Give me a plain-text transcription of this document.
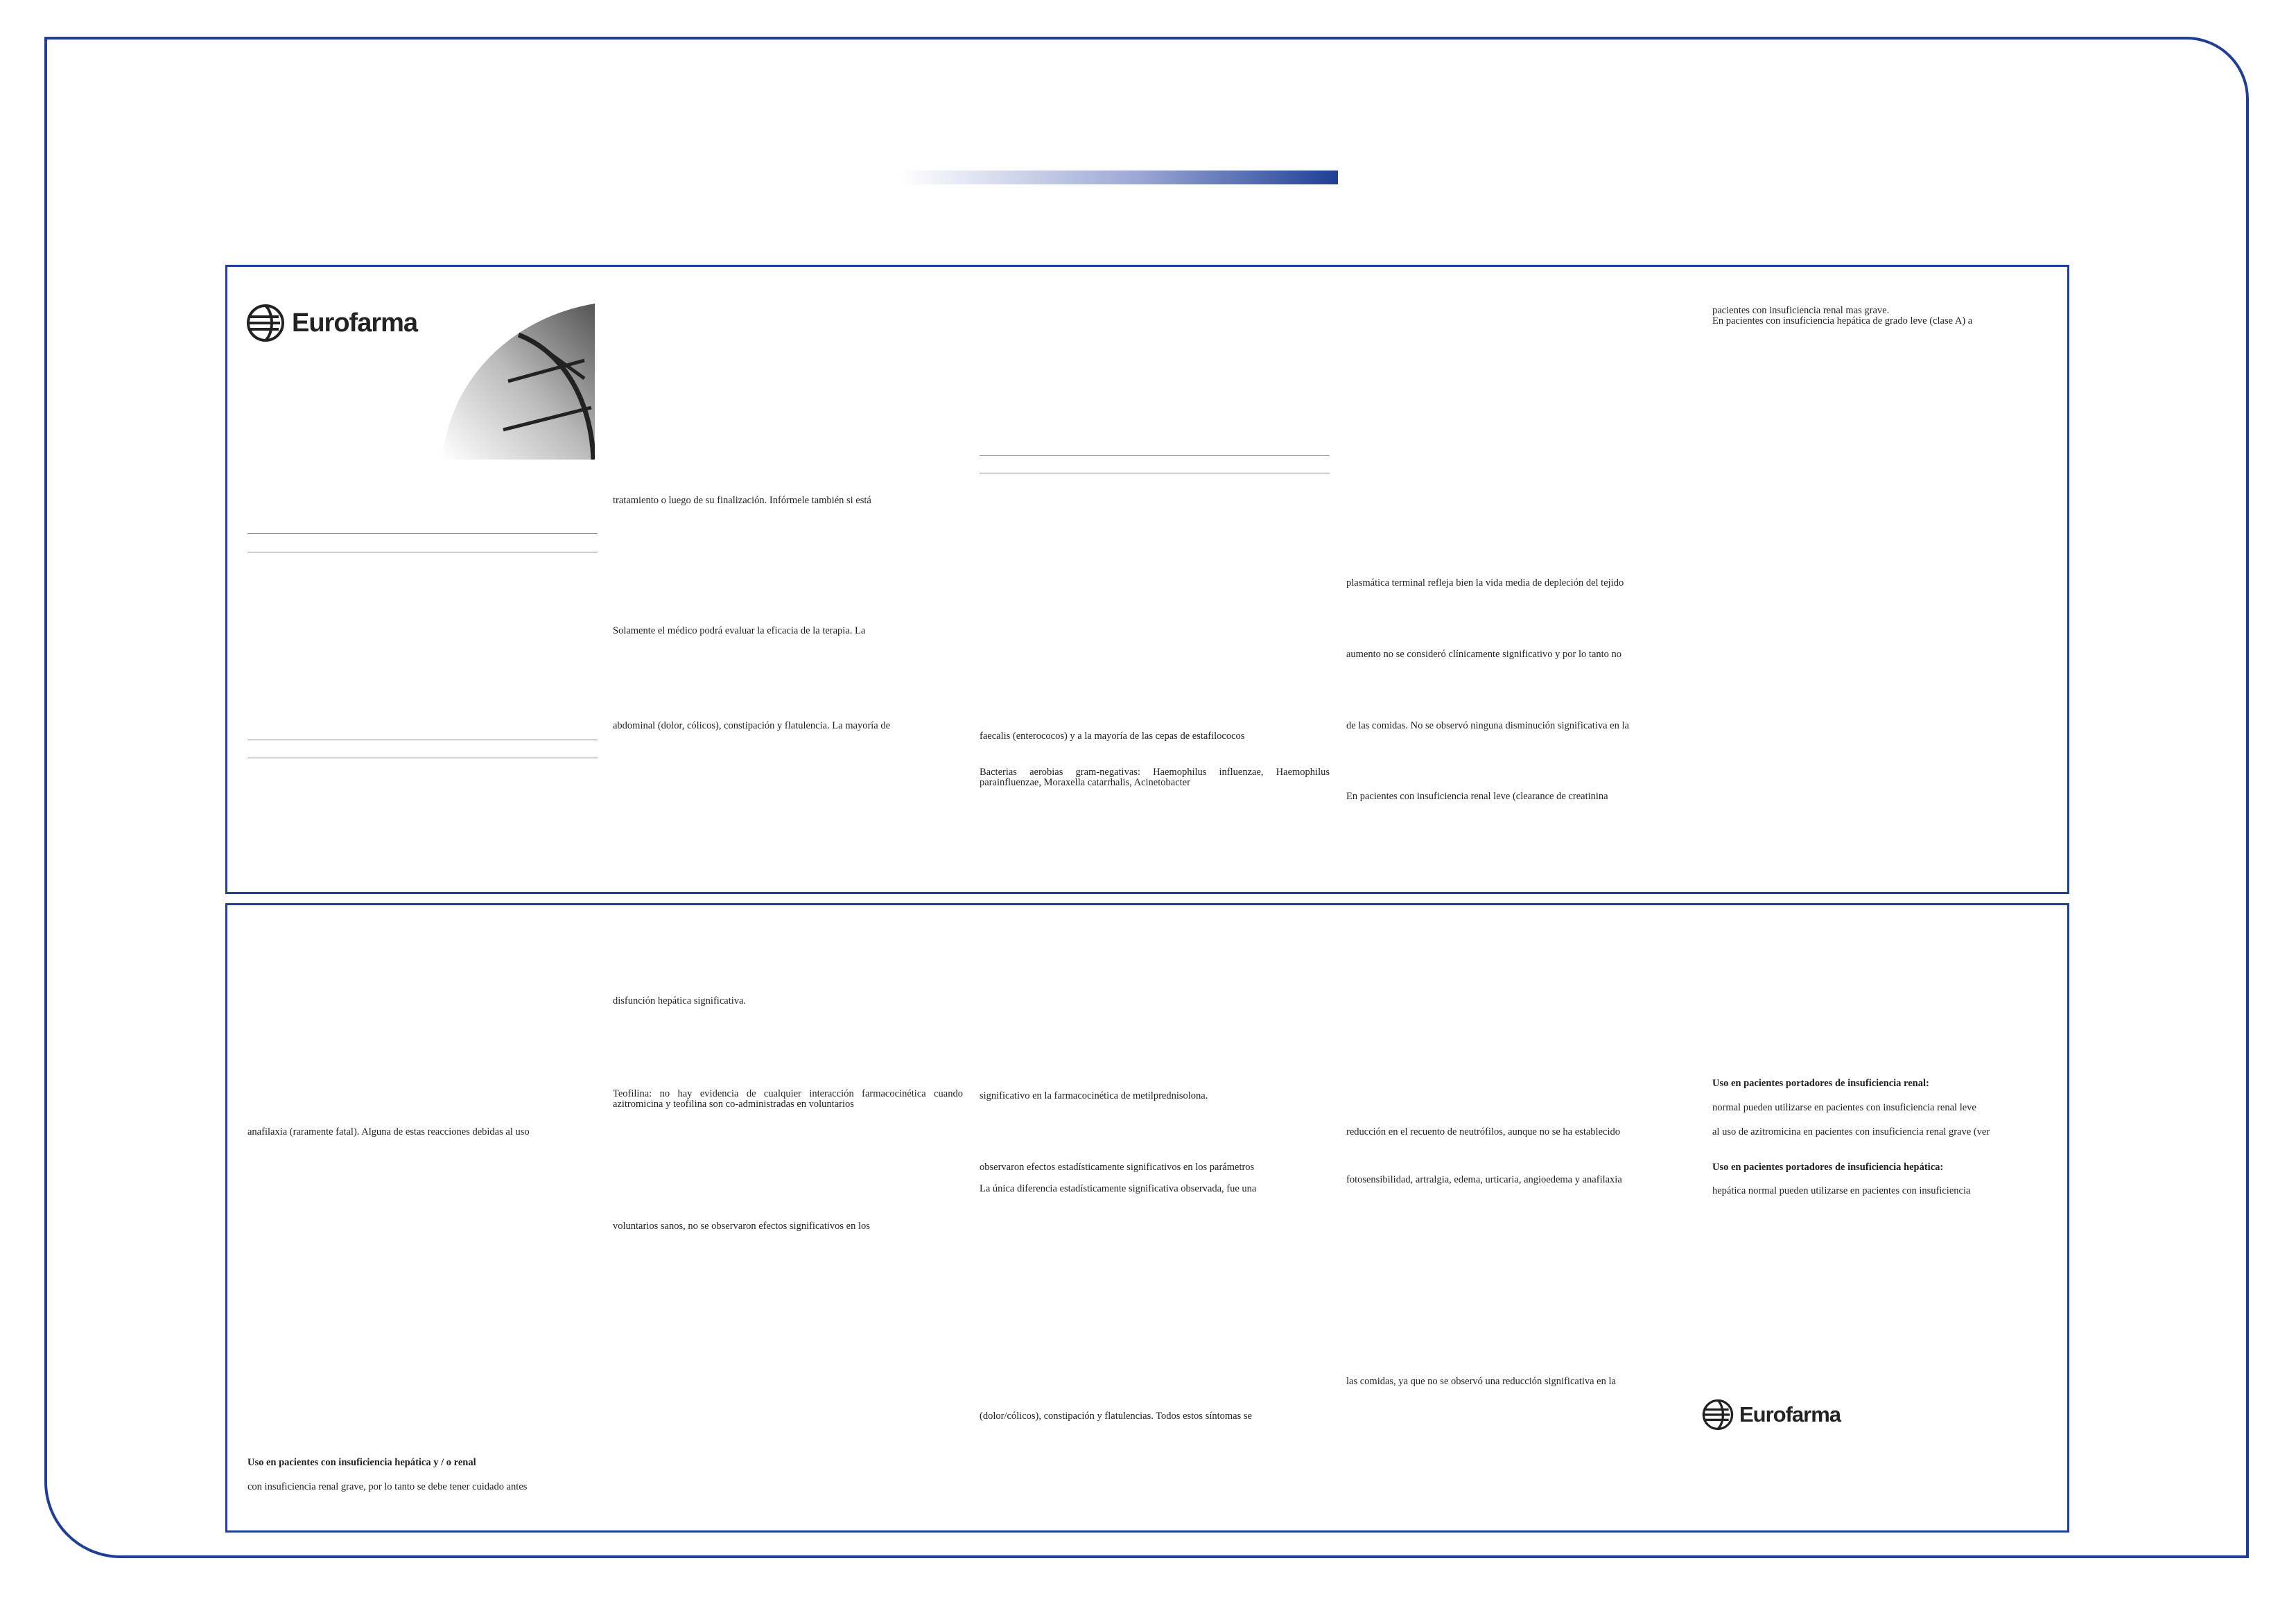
Eurofarma
tratamiento o luego de su finalización. Infórmele también si está
Solamente el médico podrá evaluar la eficacia de la terapia. La
abdominal (dolor, cólicos), constipación y flatulencia. La mayoría de
faecalis (enterococos) y a la mayoría de las cepas de estafilococos
Bacterias aerobias gram-negativas: Haemophilus influenzae, Haemophilus parainfluenzae, Moraxella catarrhalis, Acinetobacter
plasmática terminal refleja bien la vida media de depleción del tejido
aumento no se consideró clínicamente significativo y por lo tanto no
de las comidas. No se observó ninguna disminución significativa en la
En pacientes con insuficiencia renal leve (clearance de creatinina
pacientes con insuficiencia renal mas grave.
En pacientes con insuficiencia hepática de grado leve (clase A) a
anafilaxia (raramente fatal). Alguna de estas reacciones debidas al uso
Uso en pacientes con insuficiencia hepática y / o renal
con insuficiencia renal grave, por lo tanto se debe tener cuidado antes
disfunción hepática significativa.
Teofilina: no hay evidencia de cualquier interacción farmacocinética cuando azitromicina y teofilina son co-administradas en voluntarios
voluntarios sanos, no se observaron efectos significativos en los
significativo en la farmacocinética de metilprednisolona.
observaron efectos estadísticamente significativos en los parámetros
La única diferencia estadísticamente significativa observada, fue una
(dolor/cólicos), constipación y flatulencias. Todos estos síntomas se
reducción en el recuento de neutrófilos, aunque no se ha establecido
fotosensibilidad, artralgia, edema, urticaria, angioedema y anafilaxia
las comidas, ya que no se observó una reducción significativa en la
Uso en pacientes portadores de insuficiencia renal:
normal pueden utilizarse en pacientes con insuficiencia renal leve
al uso de azitromicina en pacientes con insuficiencia renal grave (ver
Uso en pacientes portadores de insuficiencia hepática:
hepática normal pueden utilizarse en pacientes con insuficiencia
Eurofarma
